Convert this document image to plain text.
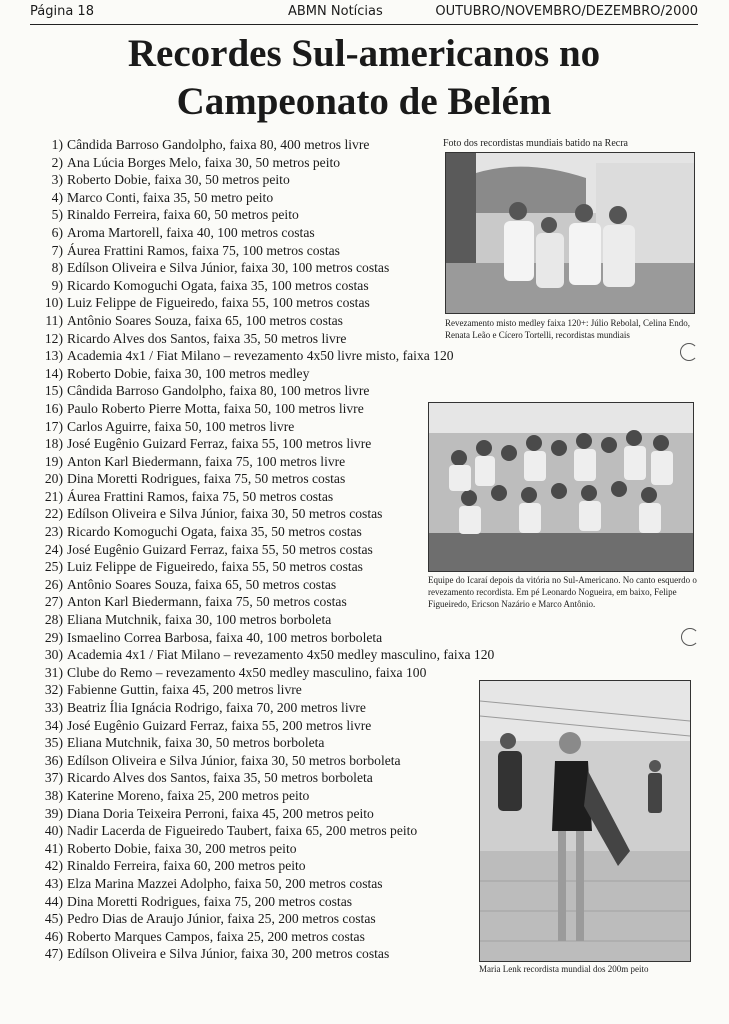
Página 18	ABMN Notícias	OUTUBRO/NOVEMBRO/DEZEMBRO/2000
Recordes Sul-americanos no
Campeonato de Belém
1) Cândida Barroso Gandolpho, faixa 80, 400 metros livre
2) Ana Lúcia Borges Melo, faixa 30, 50 metros peito
3) Roberto Dobie, faixa 30, 50 metros peito
4) Marco Conti, faixa 35, 50 metro peito
5) Rinaldo Ferreira, faixa 60, 50 metros peito
6) Aroma Martorell, faixa 40, 100 metros costas
7) Áurea Frattini Ramos, faixa 75, 100 metros costas
8) Edílson Oliveira e Silva Júnior, faixa 30, 100 metros costas
9) Ricardo Komoguchi Ogata, faixa 35, 100 metros costas
10) Luiz Felippe de Figueiredo, faixa 55, 100 metros costas
11) Antônio Soares Souza, faixa 65, 100 metros costas
12) Ricardo Alves dos Santos, faixa 35, 50 metros livre
13) Academia 4x1 / Fiat Milano – revezamento 4x50 livre misto, faixa 120
14) Roberto Dobie, faixa 30, 100 metros medley
15) Cândida Barroso Gandolpho, faixa 80, 100 metros livre
16) Paulo Roberto Pierre Motta, faixa 50, 100 metros livre
17) Carlos Aguirre, faixa 50, 100 metros livre
18) José Eugênio Guizard Ferraz, faixa 55, 100 metros livre
19) Anton Karl Biedermann, faixa 75, 100 metros livre
20) Dina Moretti Rodrigues, faixa 75, 50 metros costas
21) Áurea Frattini Ramos, faixa 75, 50 metros costas
22) Edílson Oliveira e Silva Júnior, faixa 30, 50 metros costas
23) Ricardo Komoguchi Ogata, faixa 35, 50 metros costas
24) José Eugênio Guizard Ferraz, faixa 55, 50 metros costas
25) Luiz Felippe de Figueiredo, faixa 55, 50 metros costas
26) Antônio Soares Souza, faixa 65, 50 metros costas
27) Anton Karl Biedermann, faixa 75, 50 metros costas
28) Eliana Mutchnik, faixa 30, 100 metros borboleta
29) Ismaelino Correa Barbosa, faixa 40, 100 metros borboleta
30) Academia 4x1 / Fiat Milano – revezamento 4x50 medley masculino, faixa 120
31) Clube do Remo – revezamento 4x50 medley masculino, faixa 100
32) Fabienne Guttin, faixa 45, 200 metros livre
33) Beatriz Ília Ignácia Rodrigo, faixa 70, 200 metros livre
34) José Eugênio Guizard Ferraz, faixa 55, 200 metros livre
35) Eliana Mutchnik, faixa 30, 50 metros borboleta
36) Edílson Oliveira e Silva Júnior, faixa 30, 50 metros borboleta
37) Ricardo Alves dos Santos, faixa 35, 50 metros borboleta
38) Katerine Moreno, faixa 25, 200 metros peito
39) Diana Doria Teixeira Perroni, faixa 45, 200 metros peito
40) Nadir Lacerda de Figueiredo Taubert, faixa 65, 200 metros peito
41) Roberto Dobie, faixa 30, 200 metros peito
42) Rinaldo Ferreira, faixa 60, 200 metros peito
43) Elza Marina Mazzei Adolpho, faixa 50, 200 metros costas
44) Dina Moretti Rodrigues, faixa 75, 200 metros costas
45) Pedro Dias de Araujo Júnior, faixa 25, 200 metros costas
46) Roberto Marques Campos, faixa 25, 200 metros costas
47) Edílson Oliveira e Silva Júnior, faixa 30, 200 metros costas
Foto dos recordistas mundiais batido na Recra
Revezamento misto medley faixa 120+: Júlio Rebolal, Celina Endo, Renata Leão e Cícero Tortelli, recordistas mundiais
Equipe do Icaraí depois da vitória no Sul-Americano. No canto esquerdo o revezamento recordista. Em pé Leonardo Nogueira, em baixo, Felipe Figueiredo, Ericson Nazário e Marco Antônio.
Maria Lenk recordista mundial dos 200m peito
